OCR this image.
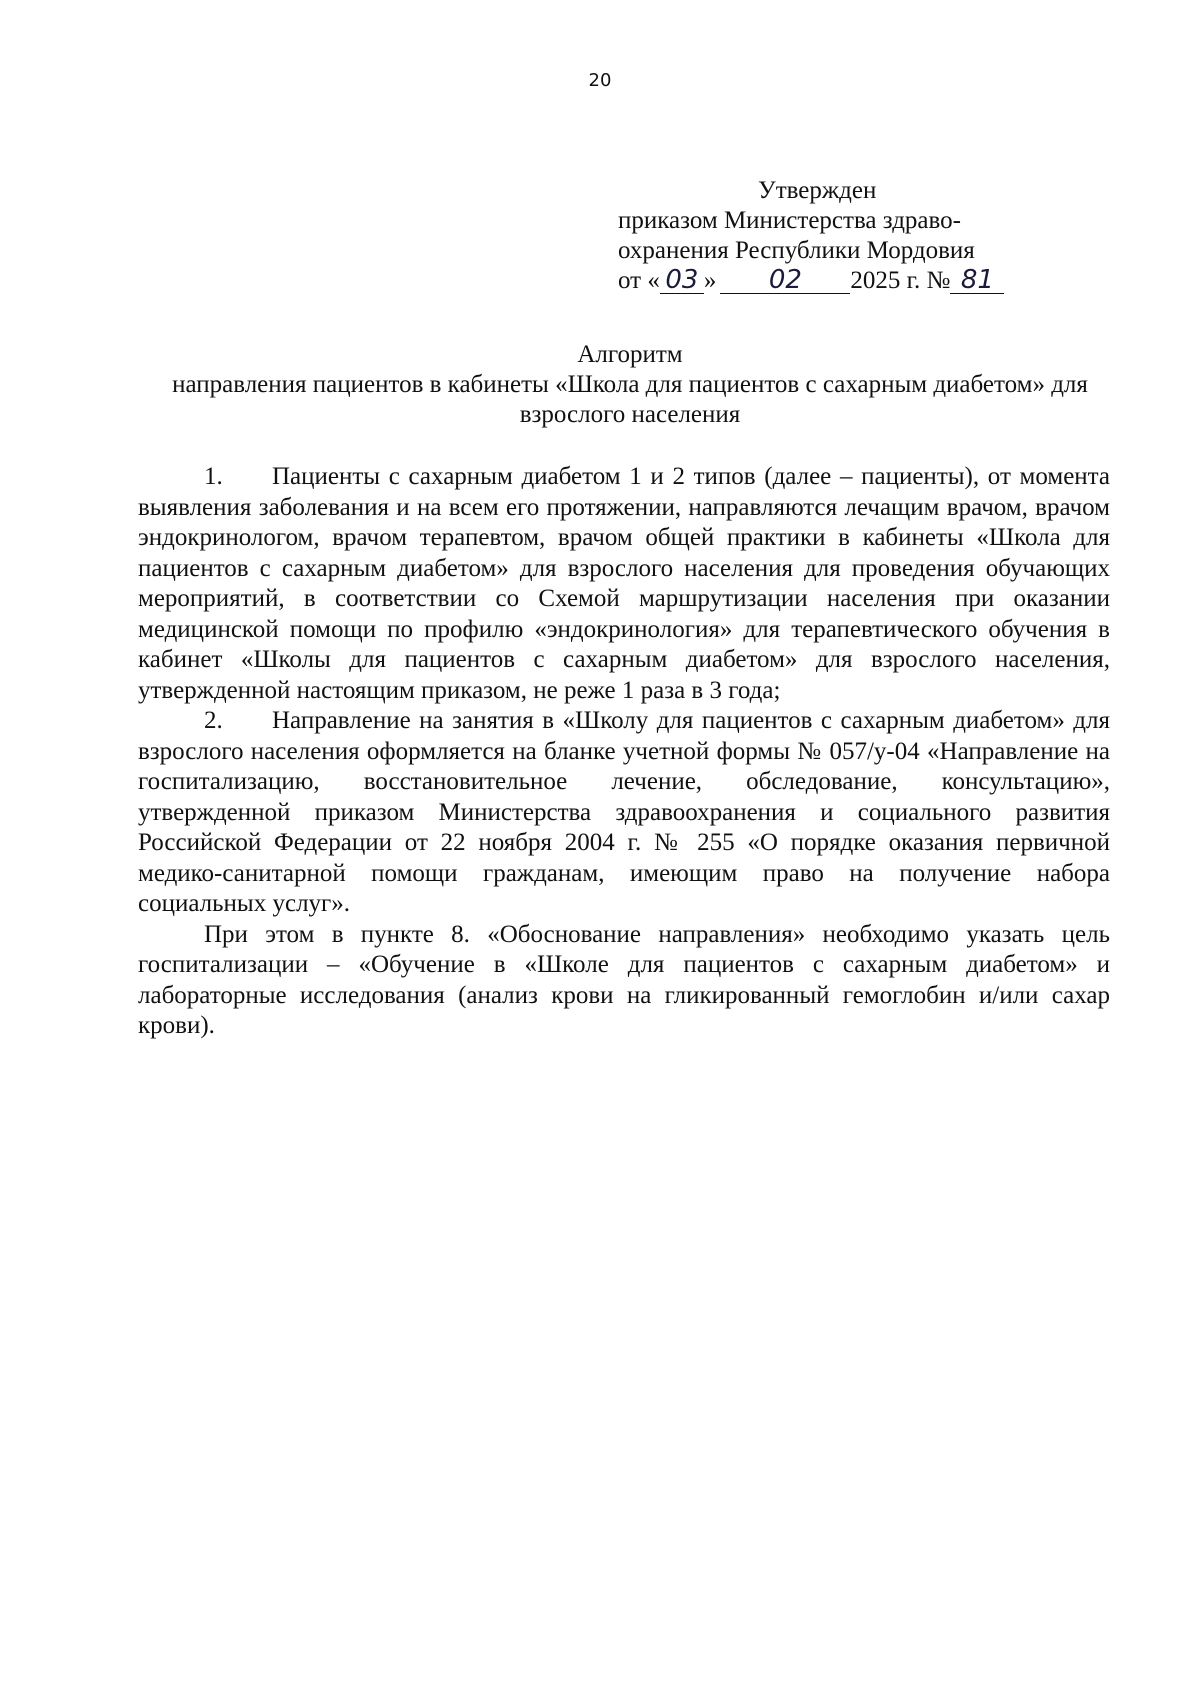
20
Утвержден
приказом Министерства здраво-
охранения Республики Мордовия
от « 03 » 02 2025 г. № 81
Алгоритм
направления пациентов в кабинеты «Школа для пациентов с сахарным диабетом» для взрослого населения

1. Пациенты с сахарным диабетом 1 и 2 типов (далее – пациенты), от момента выявления заболевания и на всем его протяжении, направляются лечащим врачом, врачом эндокринологом, врачом терапевтом, врачом общей практики в кабинеты «Школа для пациентов с сахарным диабетом» для взрослого населения для проведения обучающих мероприятий, в соответствии со Схемой маршрутизации населения при оказании медицинской помощи по профилю «эндокринология» для терапевтического обучения в кабинет «Школы для пациентов с сахарным диабетом» для взрослого населения, утвержденной настоящим приказом, не реже 1 раза в 3 года;

2. Направление на занятия в «Школу для пациентов с сахарным диабетом» для взрослого населения оформляется на бланке учетной формы № 057/у-04 «Направление на госпитализацию, восстановительное лечение, обследование, консультацию», утвержденной приказом Министерства здравоохранения и социального развития Российской Федерации от 22 ноября 2004 г. № 255 «О порядке оказания первичной медико-санитарной помощи гражданам, имеющим право на получение набора социальных услуг».

При этом в пункте 8. «Обоснование направления» необходимо указать цель госпитализации – «Обучение в «Школе для пациентов с сахарным диабетом» и лабораторные исследования (анализ крови на гликированный гемоглобин и/или сахар крови).
